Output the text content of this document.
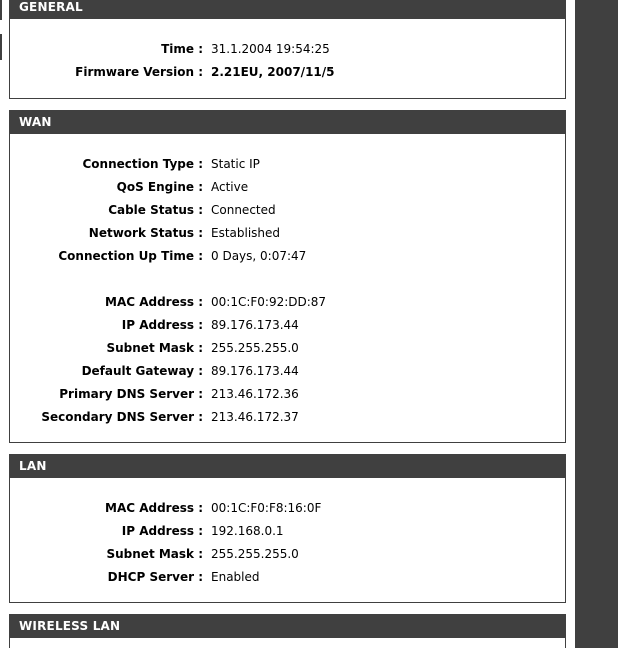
GENERAL
Time : 31.1.2004 19:54:25
Firmware Version : 2.21EU, 2007/11/5
WAN
Connection Type : Static IP
QoS Engine : Active
Cable Status : Connected
Network Status : Established
Connection Up Time : 0 Days, 0:07:47
MAC Address : 00:1C:F0:92:DD:87
IP Address : 89.176.173.44
Subnet Mask : 255.255.255.0
Default Gateway : 89.176.173.44
Primary DNS Server : 213.46.172.36
Secondary DNS Server : 213.46.172.37
LAN
MAC Address : 00:1C:F0:F8:16:0F
IP Address : 192.168.0.1
Subnet Mask : 255.255.255.0
DHCP Server : Enabled
WIRELESS LAN
